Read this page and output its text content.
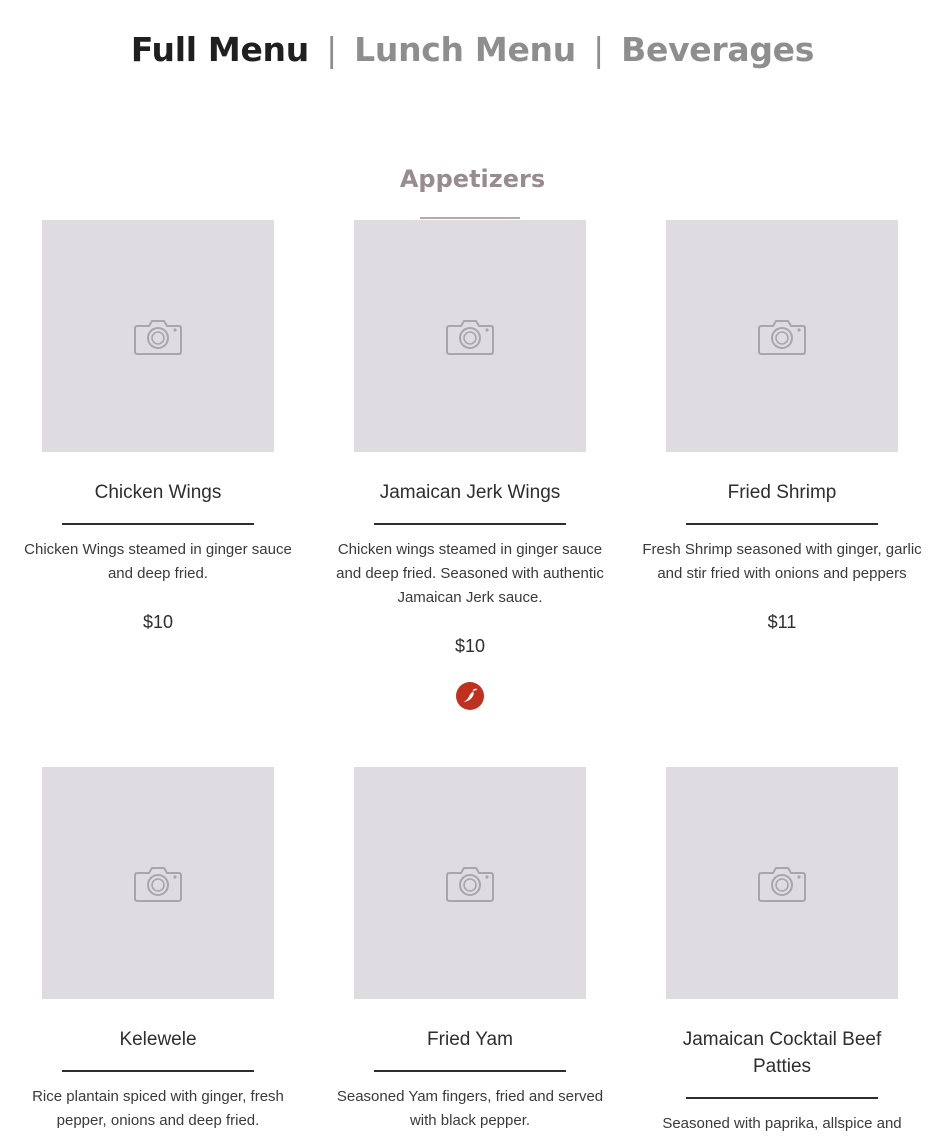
Full Menu | Lunch Menu | Beverages
Appetizers
Chicken Wings
Chicken Wings steamed in ginger sauce and deep fried.
$10
Jamaican Jerk Wings
Chicken wings steamed in ginger sauce and deep fried. Seasoned with authentic Jamaican Jerk sauce.
$10
Fried Shrimp
Fresh Shrimp seasoned with ginger, garlic and stir fried with onions and peppers
$11
Kelewele
Rice plantain spiced with ginger, fresh pepper, onions and deep fried.
Fried Yam
Seasoned Yam fingers, fried and served with black pepper.
Jamaican Cocktail Beef Patties
Seasoned with paprika, allspice and
